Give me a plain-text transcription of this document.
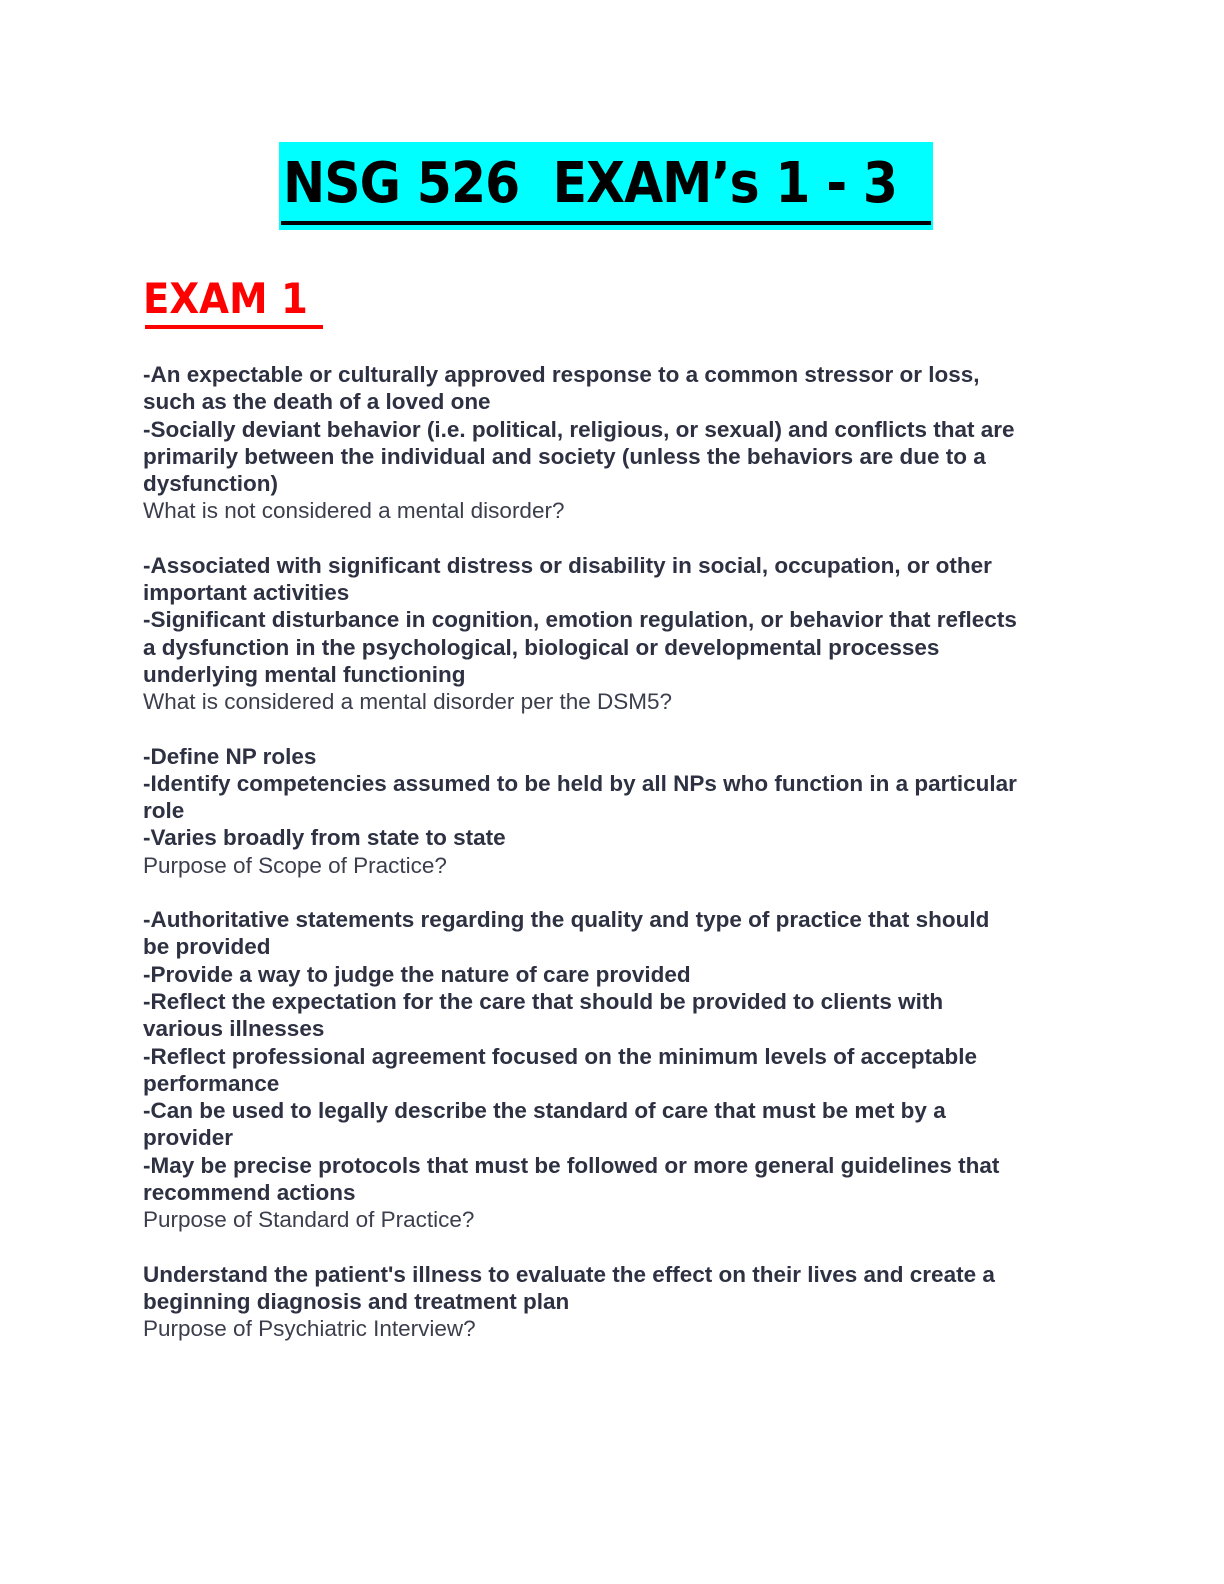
NSG 526  EXAM’s 1 - 3
EXAM 1
-An expectable or culturally approved response to a common stressor or loss,
such as the death of a loved one
-Socially deviant behavior (i.e. political, religious, or sexual) and conflicts that are
primarily between the individual and society (unless the behaviors are due to a
dysfunction)
What is not considered a mental disorder?
-Associated with significant distress or disability in social, occupation, or other
important activities
-Significant disturbance in cognition, emotion regulation, or behavior that reflects
a dysfunction in the psychological, biological or developmental processes
underlying mental functioning
What is considered a mental disorder per the DSM5?
-Define NP roles
-Identify competencies assumed to be held by all NPs who function in a particular
role
-Varies broadly from state to state
Purpose of Scope of Practice?
-Authoritative statements regarding the quality and type of practice that should
be provided
-Provide a way to judge the nature of care provided
-Reflect the expectation for the care that should be provided to clients with
various illnesses
-Reflect professional agreement focused on the minimum levels of acceptable
performance
-Can be used to legally describe the standard of care that must be met by a
provider
-May be precise protocols that must be followed or more general guidelines that
recommend actions
Purpose of Standard of Practice?
Understand the patient's illness to evaluate the effect on their lives and create a
beginning diagnosis and treatment plan
Purpose of Psychiatric Interview?
